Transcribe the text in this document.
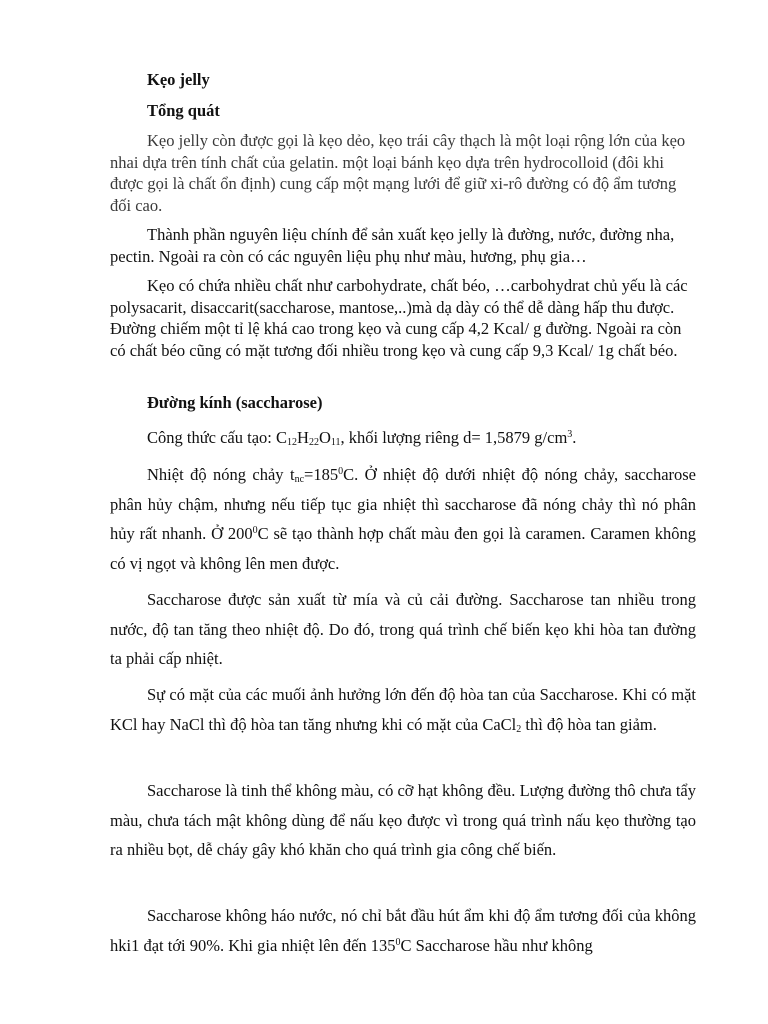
Kẹo jelly

Tổng quát

Kẹo jelly còn được gọi là kẹo dẻo, kẹo trái cây thạch là một loại rộng lớn của kẹo nhai dựa trên tính chất của gelatin. một loại bánh kẹo dựa trên hydrocolloid (đôi khi được gọi là chất ổn định) cung cấp một mạng lưới để giữ xi-rô đường có độ ẩm tương đối cao.

Thành phần nguyên liệu chính để sản xuất kẹo jelly là đường, nước, đường nha, pectin. Ngoài ra còn có các nguyên liệu phụ như màu, hương, phụ gia…

Kẹo có chứa nhiều chất như carbohydrate, chất béo, …carbohydrat chủ yếu là các polysacarit, disaccarit(saccharose, mantose,..)mà dạ dày có thể dễ dàng hấp thu được. Đường chiếm một tỉ lệ khá cao trong kẹo và cung cấp 4,2 Kcal/ g đường. Ngoài ra còn có chất béo cũng có mặt tương đối nhiều trong kẹo và cung cấp 9,3 Kcal/ 1g chất béo.

Đường kính (saccharose)

Công thức cấu tạo: $C_{12}H_{22}O_{11}$, khối lượng riêng d= 1,5879 $g/cm^3$.

Nhiệt độ nóng chảy $t_{nc}=185^0C$. Ở nhiệt độ dưới nhiệt độ nóng chảy, saccharose phân hủy chậm, nhưng nếu tiếp tục gia nhiệt thì saccharose đã nóng chảy thì nó phân hủy rất nhanh. Ở $200^0C$ sẽ tạo thành hợp chất màu đen gọi là caramen. Caramen không có vị ngọt và không lên men được.

Saccharose được sản xuất từ mía và củ cải đường. Saccharose tan nhiều trong nước, độ tan tăng theo nhiệt độ. Do đó, trong quá trình chế biến kẹo khi hòa tan đường ta phải cấp nhiệt.

Sự có mặt của các muối ảnh hưởng lớn đến độ hòa tan của Saccharose. Khi có mặt KCl hay NaCl thì độ hòa tan tăng nhưng khi có mặt của CaCl$_2$ thì độ hòa tan giảm.

Saccharose là tinh thể không màu, có cỡ hạt không đều. Lượng đường thô chưa tẩy màu, chưa tách mật không dùng để nấu kẹo được vì trong quá trình nấu kẹo thường tạo ra nhiều bọt, dễ cháy gây khó khăn cho quá trình gia công chế biến.

Saccharose không háo nước, nó chỉ bắt đầu hút ẩm khi độ ẩm tương đối của không hki1 đạt tới 90%. Khi gia nhiệt lên đến $135^0C$ Saccharose hầu như không
